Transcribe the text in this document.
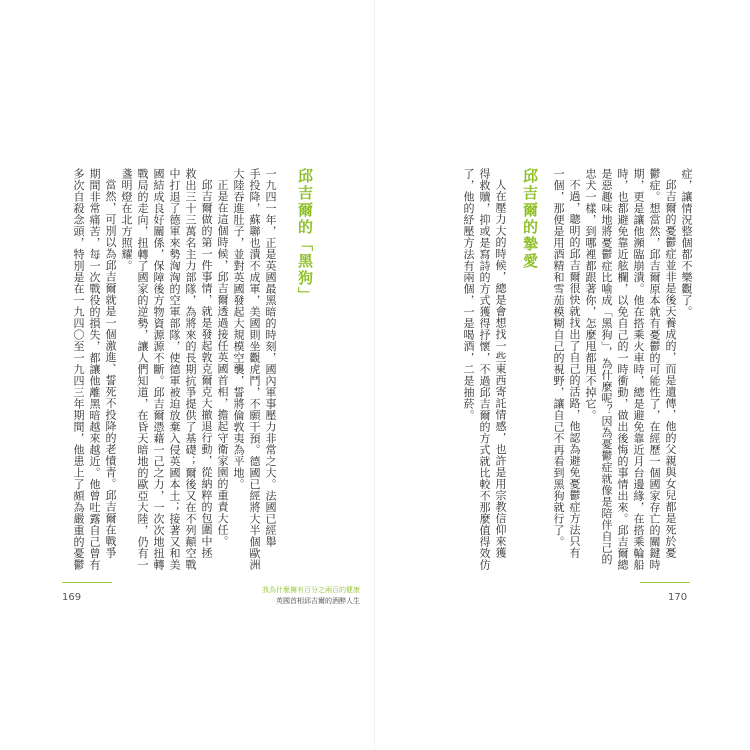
邱吉爾的「黑狗」
一九四一年，正是英國最黑暗的時刻，國內軍事壓力非常之大。法國已經舉
手投降，蘇聯也潰不成軍，美國則坐觀虎鬥，不願干預。德國已經將大半個歐洲
大陸吞進肚子，並對英國發起大規模空襲，誓將倫敦夷為平地。
正是在這個時候，邱吉爾透過接任英國首相，擔起守衛家園的重責大任。
邱吉爾做的第一件事情，就是發起敦克爾克大撤退行動，從納粹的包圍中拯
救出三十三萬名主力部隊，為將來的長期抗爭提供了基礎；爾後又在不列顛空戰
中打退了德軍來勢洶洶的空軍部隊，使德軍被迫放棄入侵英國本土；接著又和美
國結成良好關係，保障後方物資源源不斷。邱吉爾憑藉一己之力，一次次地扭轉
戰局的走向，扭轉了國家的逆勢，讓人們知道，在昏天暗地的歐亞大陸，仍有一
盞明燈在北方照耀。
當然，可別以為邱吉爾就是一個激進、誓死不投降的老憤青。邱吉爾在戰爭
期間非常痛苦，每一次戰役的損失，都讓他離黑暗越來越近。他曾吐露自己曾有
多次自殺念頭，特別是在一九四〇至一九四三年期間，他患上了頗為嚴重的憂鬱
169
我為什麼擁有百分之兩百的健康
英國首相邱吉爾的酒醉人生
症，讓情況整個都不樂觀了。
邱吉爾的憂鬱症並非是後天養成的，而是遺傳，他的父親與女兒都是死於憂
鬱症。想當然，邱吉爾原本就有憂鬱的可能性了，在經歷一個國家存亡的關鍵時
期，更是讓他瀕臨崩潰。他在搭乘火車時，總是避免靠近月台邊緣，在搭乘輪船
時，也都避免靠近舷欄，以免自己的一時衝動，做出後悔的事情出來。邱吉爾總
是惡趣味地將憂鬱症比喻成「黑狗」，為什麼呢？因為憂鬱症就像是陪伴自己的
忠犬一樣，到哪裡都跟著你，怎麼甩都甩不掉它。
不過，聰明的邱吉爾很快就找出了自己的活路，他認為避免憂鬱症方法只有
一個，那便是用酒精和雪茄模糊自己的視野，讓自己不再看到黑狗就行了。
邱吉爾的摯愛
人在壓力大的時候，總是會想找一些東西寄託情感，也許是用宗教信仰來獲
得救贖，抑或是寫詩的方式獲得抒懷，不過邱吉爾的方式就比較不那麼值得效仿
了，他的紓壓方法有兩個，一是喝酒，二是抽菸。
170
